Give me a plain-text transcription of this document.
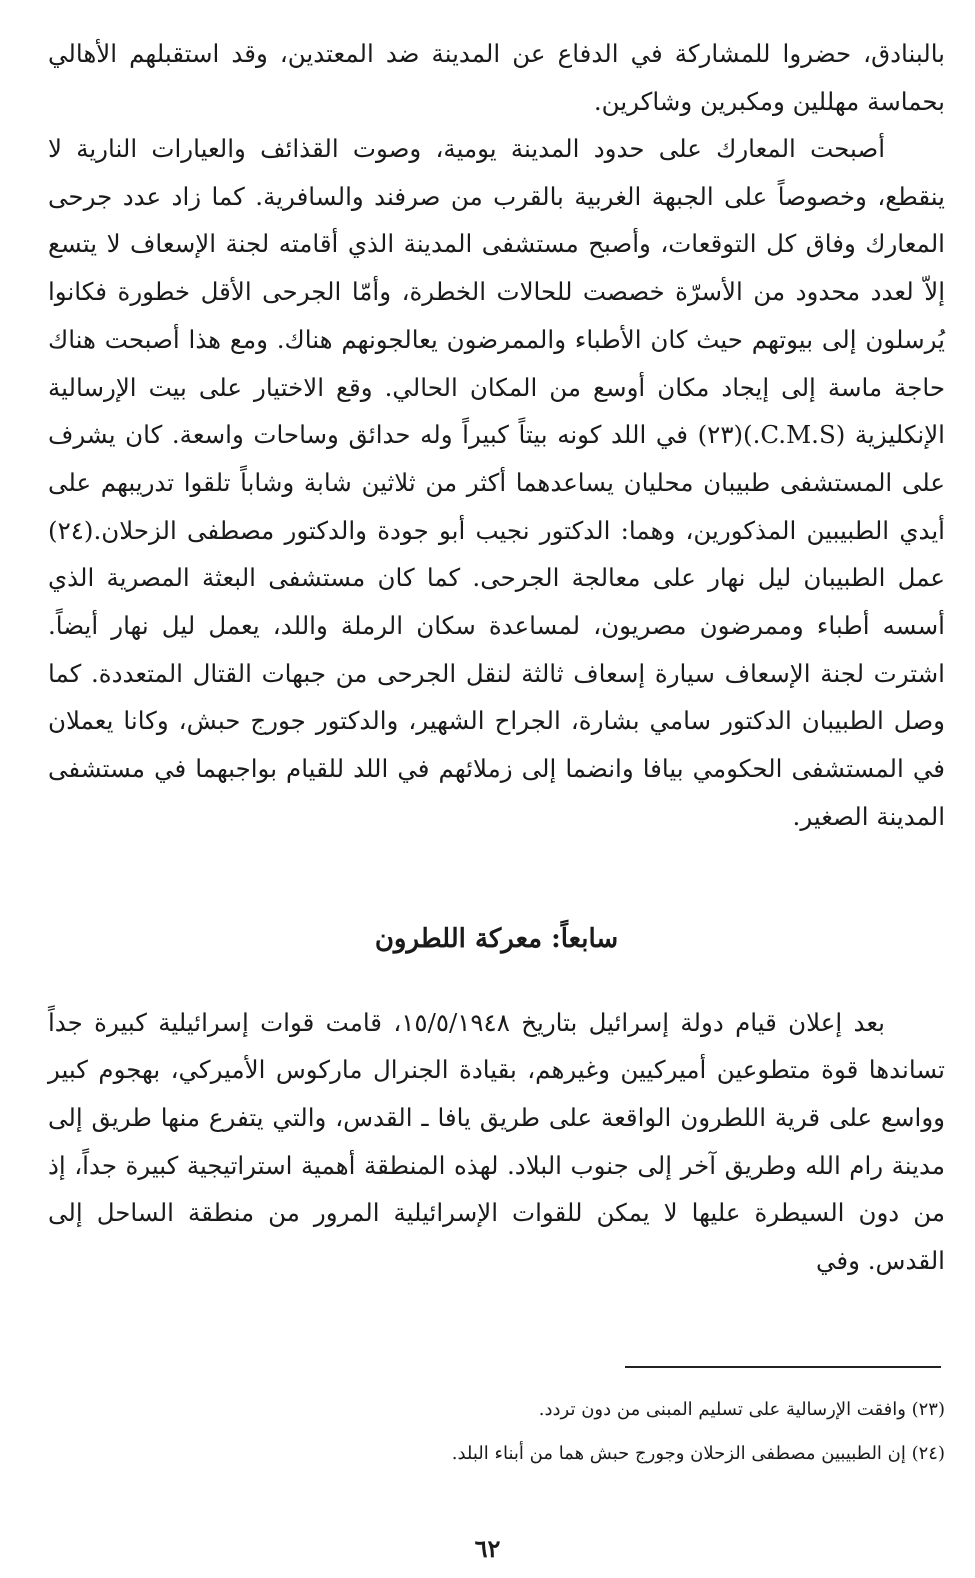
بالبنادق، حضروا للمشاركة في الدفاع عن المدينة ضد المعتدين، وقد استقبلهم الأهالي بحماسة مهللين ومكبرين وشاكرين.

أصبحت المعارك على حدود المدينة يومية، وصوت القذائف والعيارات النارية لا ينقطع، وخصوصاً على الجبهة الغربية بالقرب من صرفند والسافرية. كما زاد عدد جرحى المعارك وفاق كل التوقعات، وأصبح مستشفى المدينة الذي أقامته لجنة الإسعاف لا يتسع إلاّ لعدد محدود من الأسرّة خصصت للحالات الخطرة، وأمّا الجرحى الأقل خطورة فكانوا يُرسلون إلى بيوتهم حيث كان الأطباء والممرضون يعالجونهم هناك. ومع هذا أصبحت هناك حاجة ماسة إلى إيجاد مكان أوسع من المكان الحالي. وقع الاختيار على بيت الإرسالية الإنكليزية (C.M.S.)(٢٣) في اللد كونه بيتاً كبيراً وله حدائق وساحات واسعة. كان يشرف على المستشفى طبيبان محليان يساعدهما أكثر من ثلاثين شابة وشاباً تلقوا تدريبهم على أيدي الطبيبين المذكورين، وهما: الدكتور نجيب أبو جودة والدكتور مصطفى الزحلان.(٢٤) عمل الطبيبان ليل نهار على معالجة الجرحى. كما كان مستشفى البعثة المصرية الذي أسسه أطباء وممرضون مصريون، لمساعدة سكان الرملة واللد، يعمل ليل نهار أيضاً. اشترت لجنة الإسعاف سيارة إسعاف ثالثة لنقل الجرحى من جبهات القتال المتعددة. كما وصل الطبيبان الدكتور سامي بشارة، الجراح الشهير، والدكتور جورج حبش، وكانا يعملان في المستشفى الحكومي بيافا وانضما إلى زملائهم في اللد للقيام بواجبهما في مستشفى المدينة الصغير.

سابعاً: معركة اللطرون

بعد إعلان قيام دولة إسرائيل بتاريخ ١٥/٥/١٩٤٨، قامت قوات إسرائيلية كبيرة جداً تساندها قوة متطوعين أميركيين وغيرهم، بقيادة الجنرال ماركوس الأميركي، بهجوم كبير وواسع على قرية اللطرون الواقعة على طريق يافا ـ القدس، والتي يتفرع منها طريق إلى مدينة رام الله وطريق آخر إلى جنوب البلاد. لهذه المنطقة أهمية استراتيجية كبيرة جداً، إذ من دون السيطرة عليها لا يمكن للقوات الإسرائيلية المرور من منطقة الساحل إلى القدس. وفي

(٢٣) وافقت الإرسالية على تسليم المبنى من دون تردد.

(٢٤) إن الطبيبين مصطفى الزحلان وجورج حبش هما من أبناء البلد.

٦٢
